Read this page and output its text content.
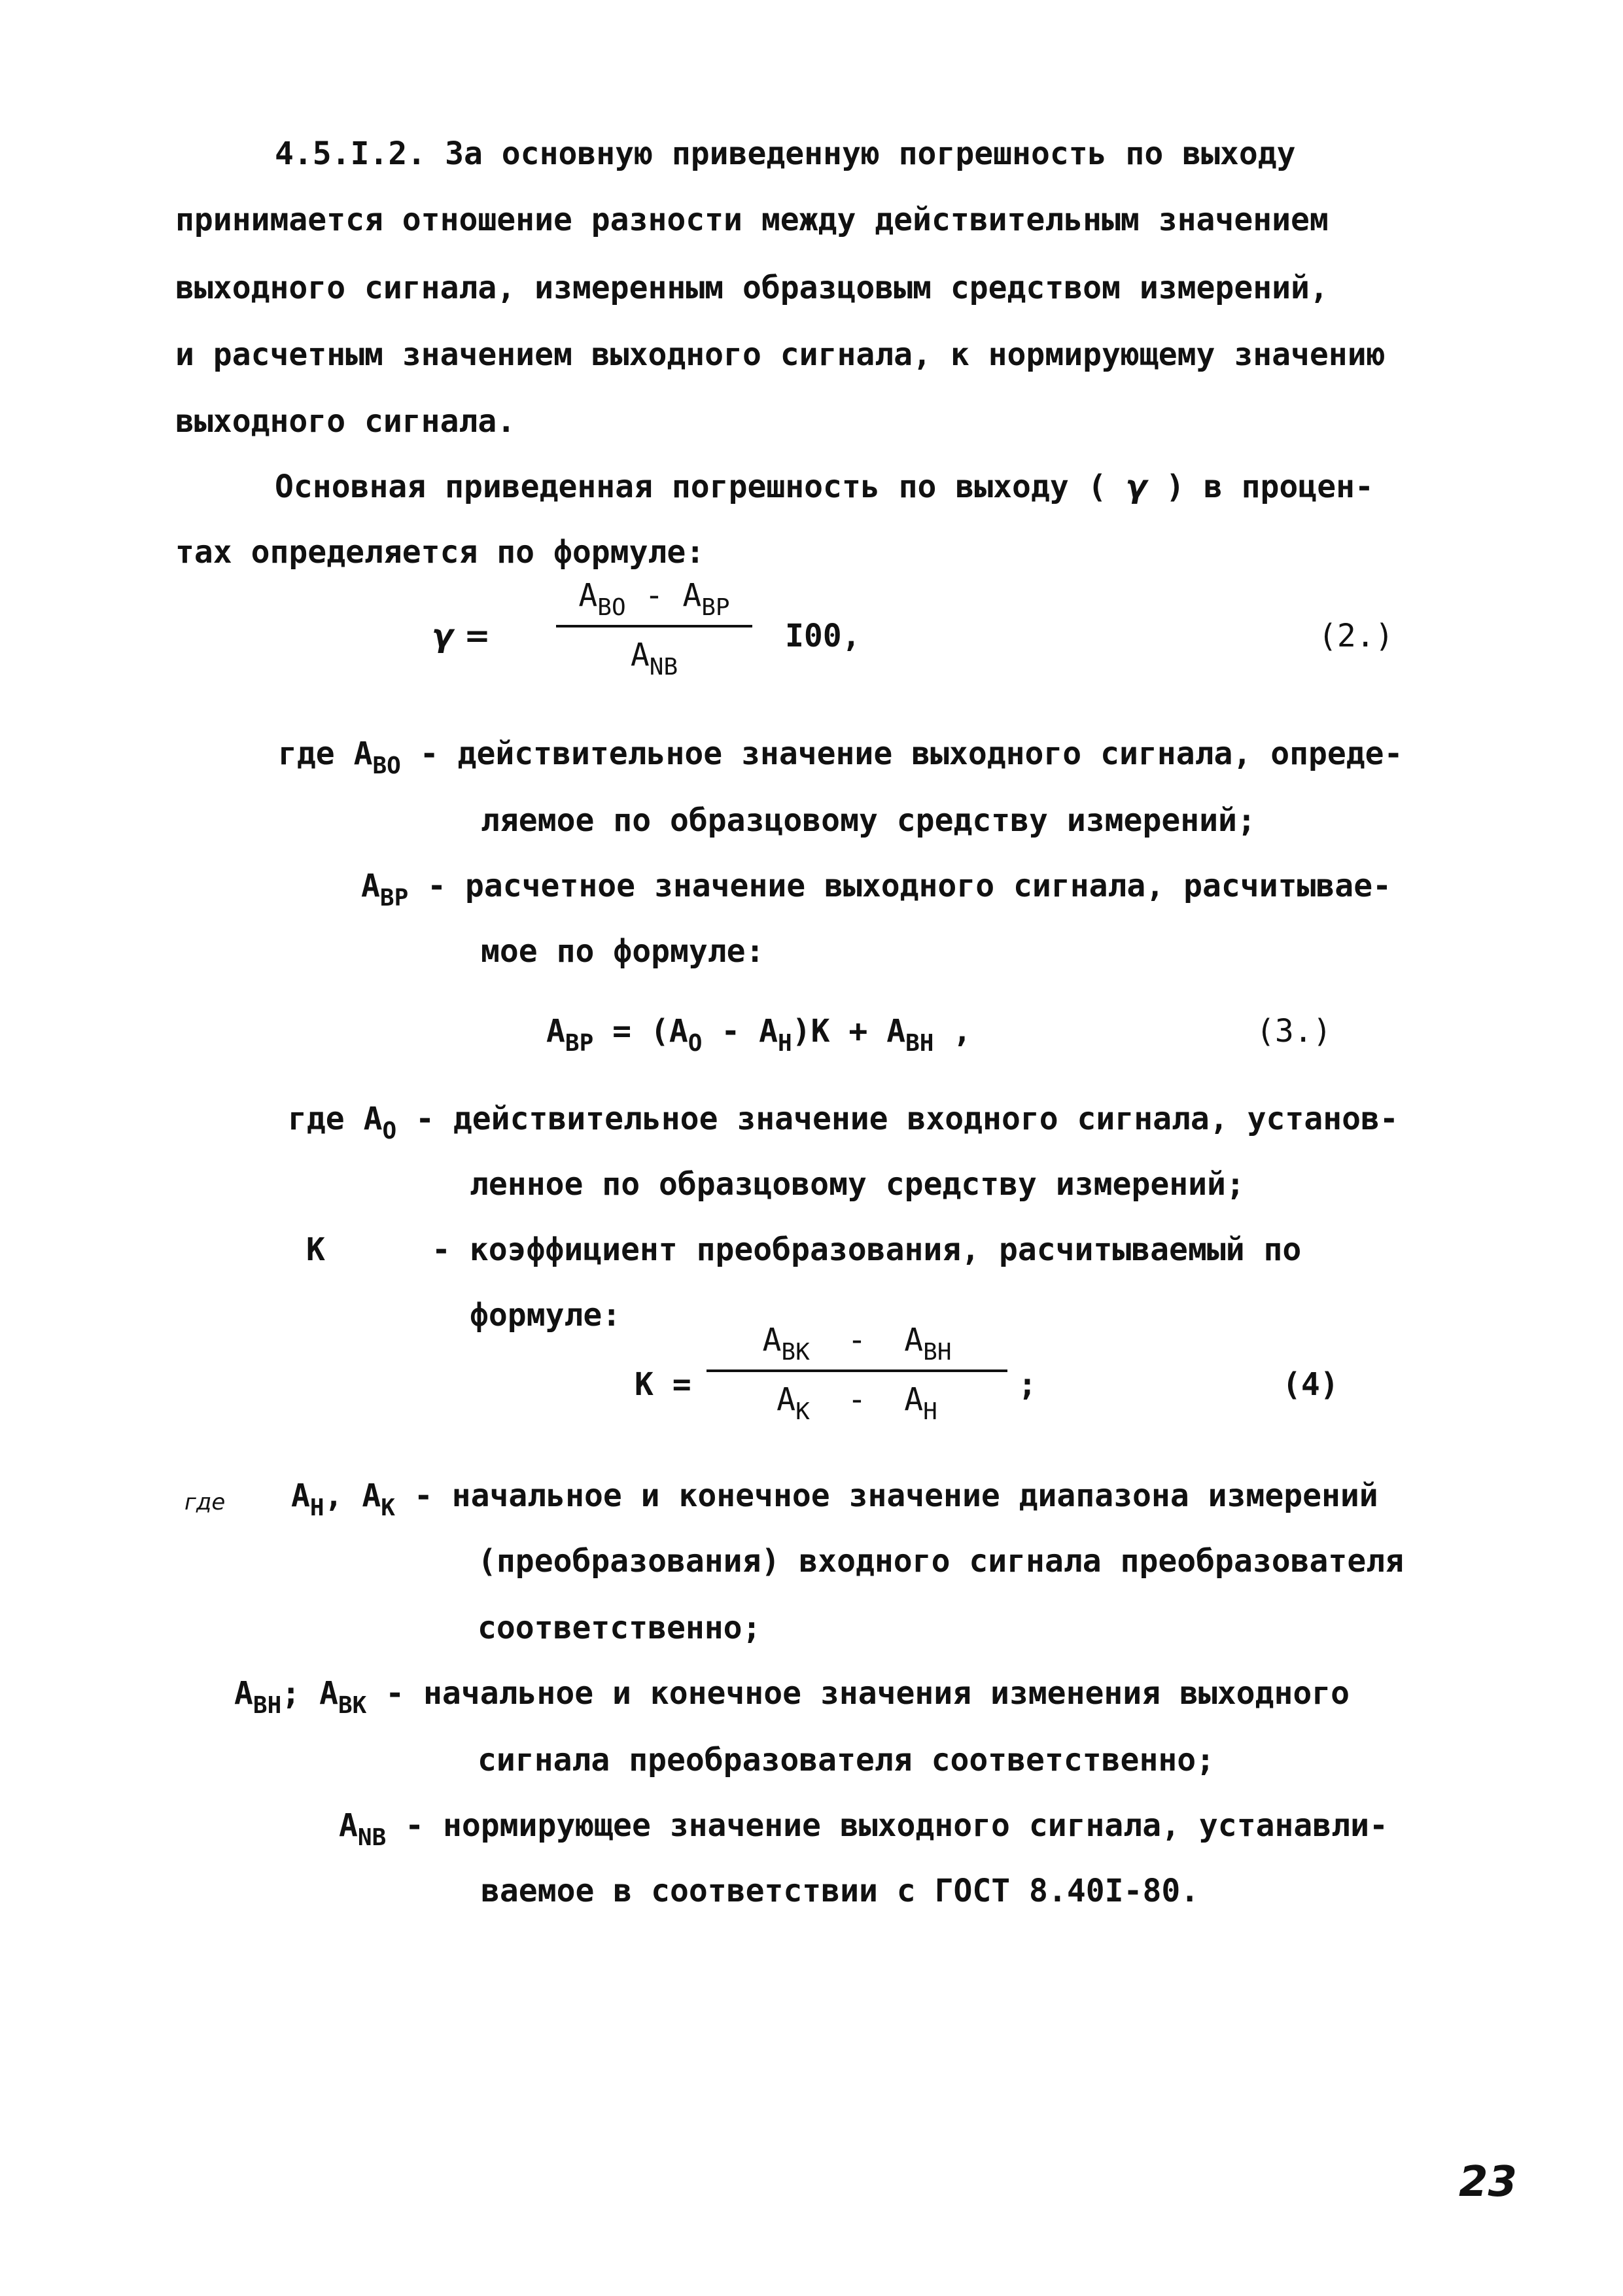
4.5.I.2. За основную приведенную погрешность по выходу
принимается отношение разности между действительным значением
выходного сигнала, измеренным образцовым средством измерений,
и расчетным значением выходного сигнала, к нормирующему значению
выходного сигнала.
Основная приведенная погрешность по выходу ( γ ) в процен-
тах определяется по формуле:
γ =
$А_{ВО} - А_{ВР}$
$А_{NВ}$
I00,	(2.)
где $А_{ВО}$ - действительное значение выходного сигнала, опреде-
ляемое по образцовому средству измерений;
$А_{ВР}$ - расчетное значение выходного сигнала, расчитывае-
мое по формуле:
$А_{ВР} = (А_О - А_Н)К + А_{ВН}$ ,	(3.)
где $А_О$ - действительное значение входного сигнала, установ-
ленное по образцовому средству измерений;
К	- коэффициент преобразования, расчитываемый по
формуле:
К =
$А_{ВК} - А_{ВН}$
$А_К - А_Н$
;	(4)
где $А_Н$, $А_К$ - начальное и конечное значение диапазона измерений
(преобразования) входного сигнала преобразователя
соответственно;
$А_{ВН}$; $А_{ВК}$ - начальное и конечное значения изменения выходного
сигнала преобразователя соответственно;
$А_{NВ}$ - нормирующее значение выходного сигнала, устанавли-
ваемое в соответствии с ГОСТ 8.40I-80.
23
